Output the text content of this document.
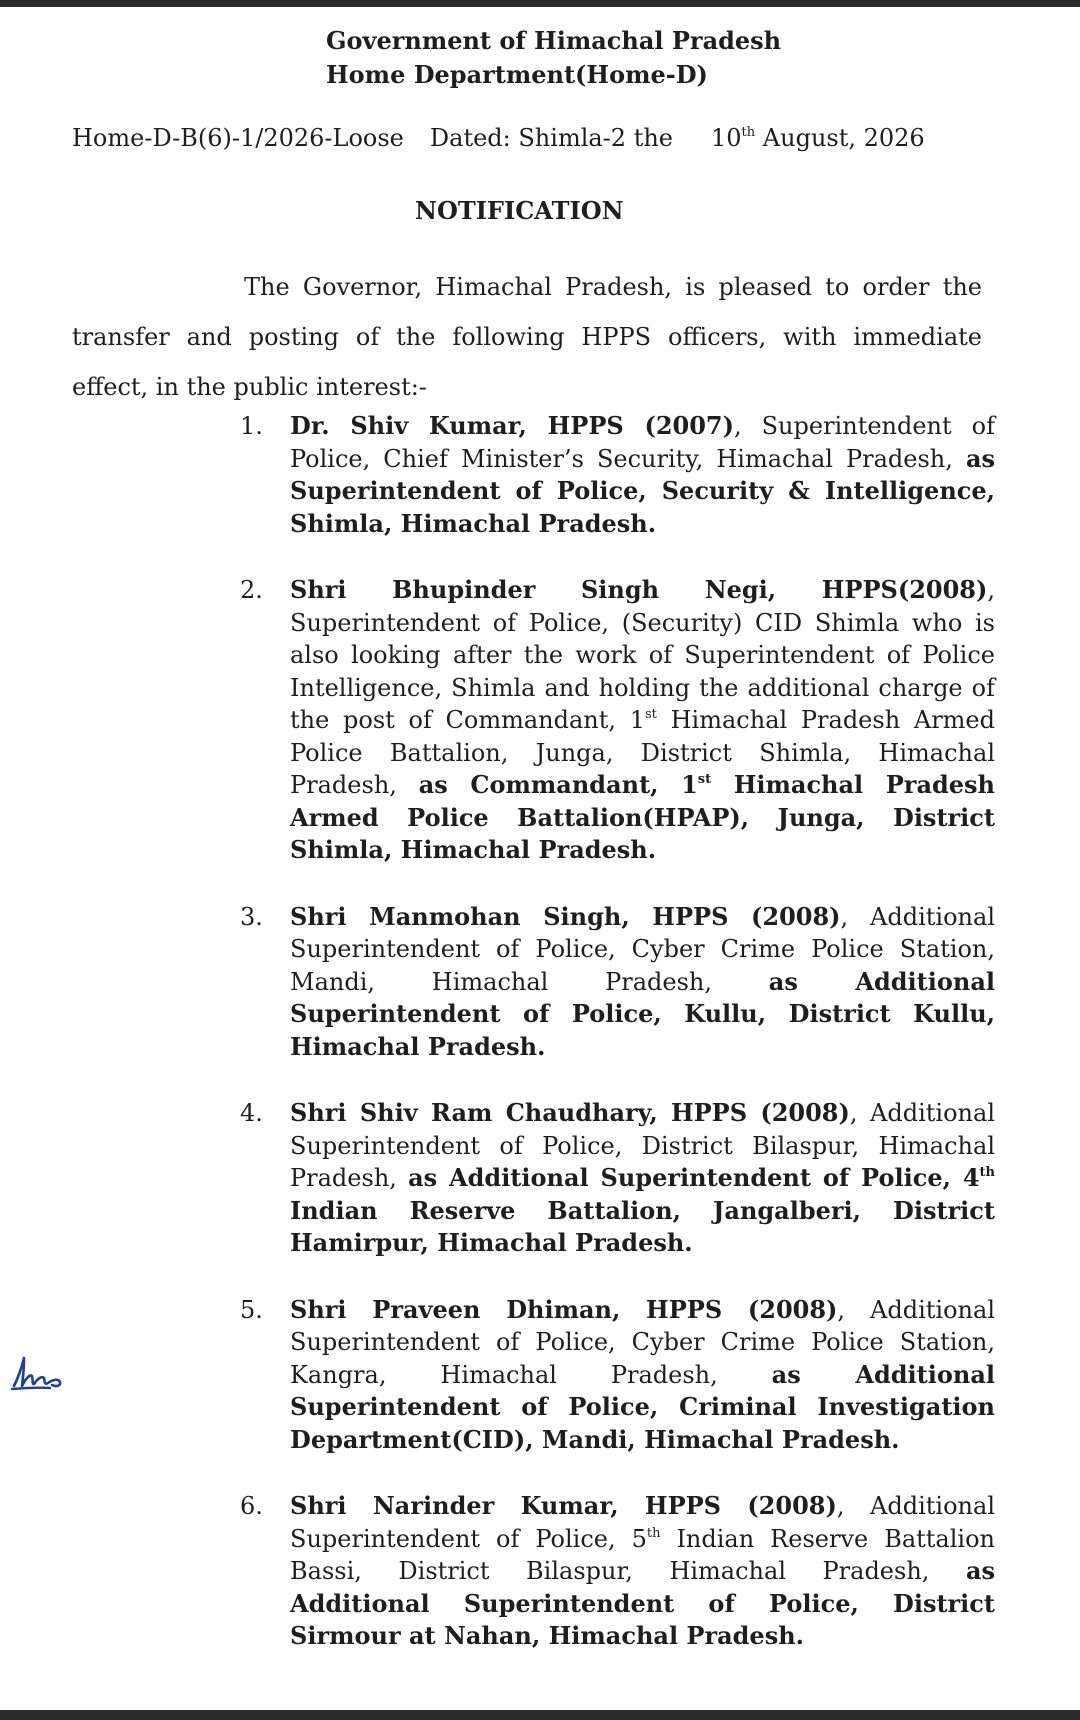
Government of Himachal Pradesh
Home Department(Home-D)
Home-D-B(6)-1/2026-Loose Dated: Shimla-2 the 10th August, 2026
NOTIFICATION

The Governor, Himachal Pradesh, is pleased to order the transfer and posting of the following HPPS officers, with immediate effect, in the public interest:-

1. Dr. Shiv Kumar, HPPS (2007), Superintendent of Police, Chief Minister’s Security, Himachal Pradesh, as Superintendent of Police, Security & Intelligence, Shimla, Himachal Pradesh.
2. Shri Bhupinder Singh Negi, HPPS(2008), Superintendent of Police, (Security) CID Shimla who is also looking after the work of Superintendent of Police Intelligence, Shimla and holding the additional charge of the post of Commandant, 1st Himachal Pradesh Armed Police Battalion, Junga, District Shimla, Himachal Pradesh, as Commandant, 1st Himachal Pradesh Armed Police Battalion(HPAP), Junga, District Shimla, Himachal Pradesh.
3. Shri Manmohan Singh, HPPS (2008), Additional Superintendent of Police, Cyber Crime Police Station, Mandi, Himachal Pradesh, as Additional Superintendent of Police, Kullu, District Kullu, Himachal Pradesh.
4. Shri Shiv Ram Chaudhary, HPPS (2008), Additional Superintendent of Police, District Bilaspur, Himachal Pradesh, as Additional Superintendent of Police, 4th Indian Reserve Battalion, Jangalberi, District Hamirpur, Himachal Pradesh.
5. Shri Praveen Dhiman, HPPS (2008), Additional Superintendent of Police, Cyber Crime Police Station, Kangra, Himachal Pradesh, as Additional Superintendent of Police, Criminal Investigation Department(CID), Mandi, Himachal Pradesh.
6. Shri Narinder Kumar, HPPS (2008), Additional Superintendent of Police, 5th Indian Reserve Battalion Bassi, District Bilaspur, Himachal Pradesh, as Additional Superintendent of Police, District Sirmour at Nahan, Himachal Pradesh.
